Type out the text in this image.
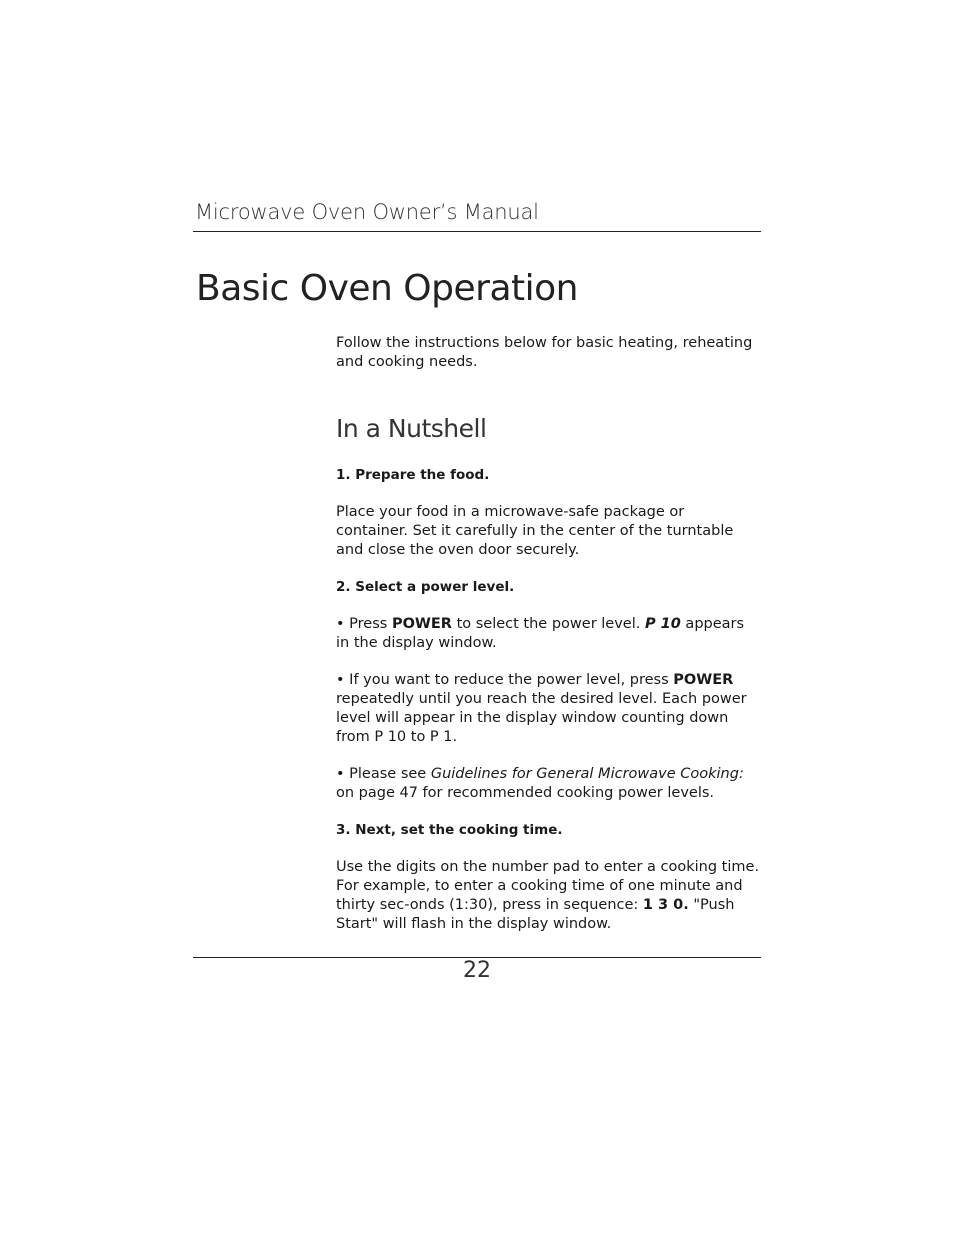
Microwave Oven Owner’s Manual
Basic Oven Operation

Follow the instructions below for basic heating, reheating and cooking needs.

In a Nutshell

1. Prepare the food.

Place your food in a microwave-safe package or container. Set it carefully in the center of the turntable and close the oven door securely.

2. Select a power level.

• Press POWER to select the power level. P 10 appears in the display window.

• If you want to reduce the power level, press POWER repeatedly until you reach the desired level. Each power level will appear in the display window counting down from P 10 to P 1.

• Please see Guidelines for General Microwave Cooking: on page 47 for recommended cooking power levels.

3. Next, set the cooking time.

Use the digits on the number pad to enter a cooking time. For example, to enter a cooking time of one minute and thirty sec-onds (1:30), press in sequence: 1 3 0. "Push Start" will flash in the display window.

22
